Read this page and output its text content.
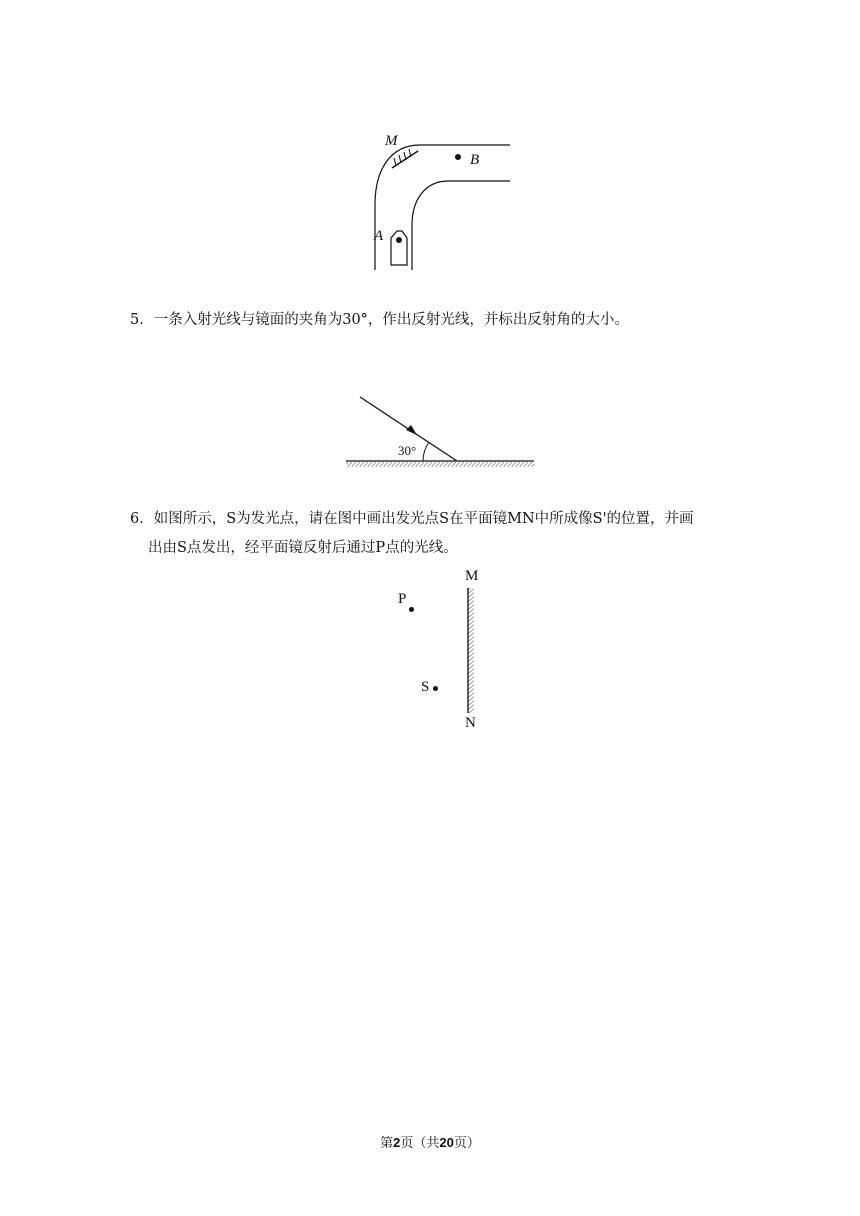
M
B
A
5．一条入射光线与镜面的夹角为30°，作出反射光线，并标出反射角的大小。
30°
6．如图所示，S为发光点，请在图中画出发光点S在平面镜MN中所成像S'的位置，并画
出由S点发出，经平面镜反射后通过P点的光线。
M
N
P
S
第2页（共20页）
